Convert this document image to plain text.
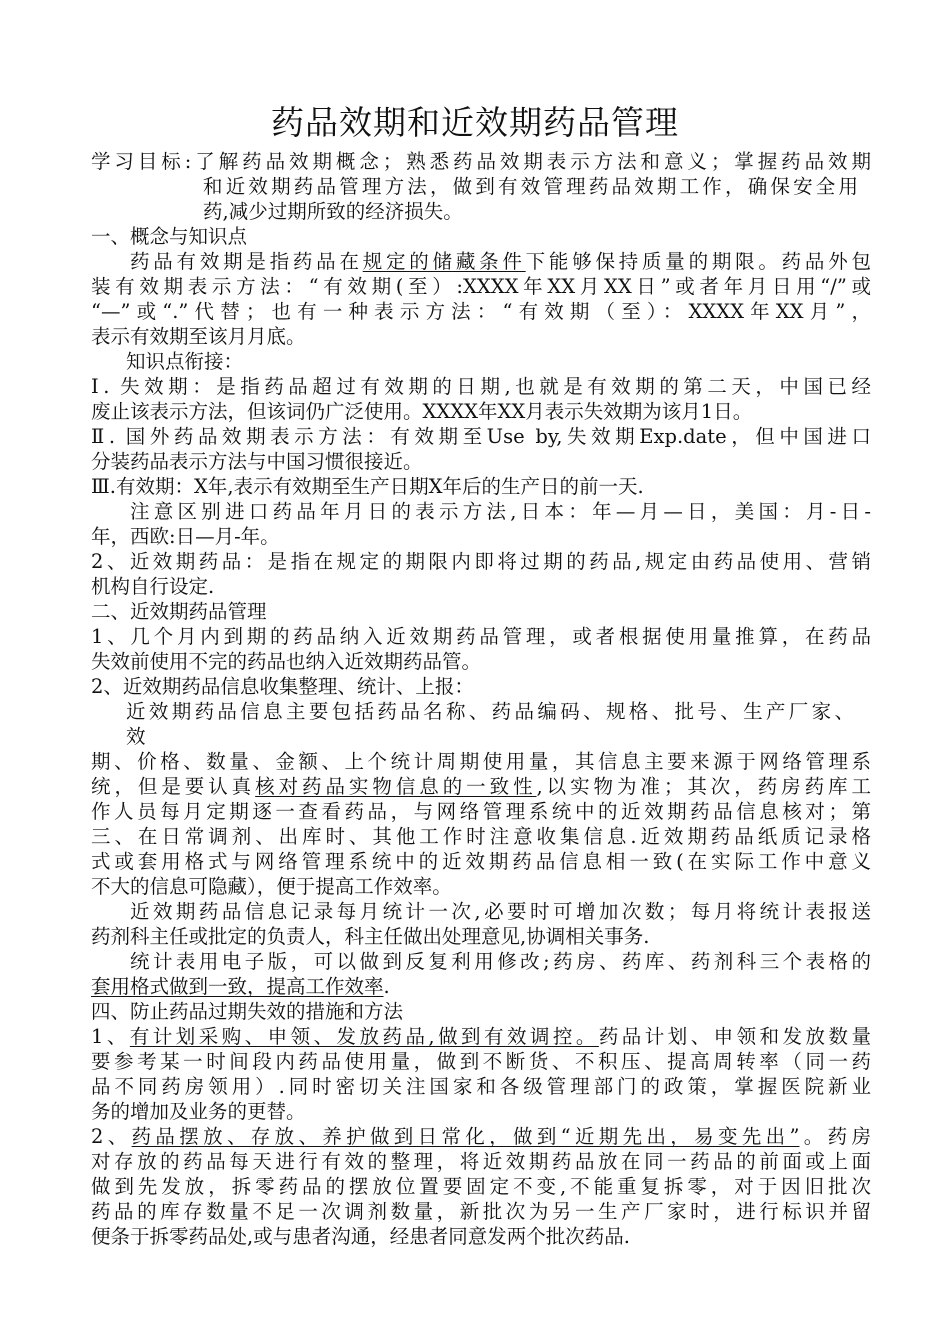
药品效期和近效期药品管理
学习目标:了解药品效期概念；熟悉药品效期表示方法和意义；掌握药品效期
和近效期药品管理方法，做到有效管理药品效期工作，确保安全用
药,减少过期所致的经济损失。
一、概念与知识点
药品有效期是指药品在规定的储藏条件下能够保持质量的期限。药品外包
装有效期表示方法：“有效期(至）:XXXX年XX月XX日”或者年月日用“/”或
“—”或“.”代替；也有一种表示方法：“有效期（至）：XXXX年XX月”，
表示有效期至该月月底。
知识点衔接：
Ⅰ. 失效期：是指药品超过有效期的日期,也就是有效期的第二天，中国已经
废止该表示方法，但该词仍广泛使用。XXXX年XX月表示失效期为该月1日。
Ⅱ. 国外药品效期表示方法：有效期至Use by,失效期Exp.date，但中国进口
分装药品表示方法与中国习惯很接近。
Ⅲ.有效期：X年,表示有效期至生产日期X年后的生产日的前一天.
注意区别进口药品年月日的表示方法,日本：年—月—日，美国：月-日-
年，西欧:日—月-年。
2、近效期药品：是指在规定的期限内即将过期的药品,规定由药品使用、营销
机构自行设定.
二、近效期药品管理
1、几个月内到期的药品纳入近效期药品管理，或者根据使用量推算，在药品
失效前使用不完的药品也纳入近效期药品管。
2、近效期药品信息收集整理、统计、上报：
近效期药品信息主要包括药品名称、药品编码、规格、批号、生产厂家、
效
期、价格、数量、金额、上个统计周期使用量，其信息主要来源于网络管理系
统，但是要认真核对药品实物信息的一致性,以实物为准；其次，药房药库工
作人员每月定期逐一查看药品，与网络管理系统中的近效期药品信息核对；第
三、在日常调剂、出库时、其他工作时注意收集信息.近效期药品纸质记录格
式或套用格式与网络管理系统中的近效期药品信息相一致(在实际工作中意义
不大的信息可隐藏），便于提高工作效率。
近效期药品信息记录每月统计一次,必要时可增加次数；每月将统计表报送
药剂科主任或批定的负责人，科主任做出处理意见,协调相关事务.
统计表用电子版，可以做到反复利用修改;药房、药库、药剂科三个表格的
套用格式做到一致，提高工作效率.
四、防止药品过期失效的措施和方法
1、有计划采购、申领、发放药品,做到有效调控。药品计划、申领和发放数量
要参考某一时间段内药品使用量，做到不断货、不积压、提高周转率（同一药
品不同药房领用）.同时密切关注国家和各级管理部门的政策，掌握医院新业
务的增加及业务的更替。
2、药品摆放、存放、养护做到日常化，做到“近期先出，易变先出”。药房
对存放的药品每天进行有效的整理，将近效期药品放在同一药品的前面或上面
做到先发放，拆零药品的摆放位置要固定不变,不能重复拆零，对于因旧批次
药品的库存数量不足一次调剂数量，新批次为另一生产厂家时，进行标识并留
便条于拆零药品处,或与患者沟通，经患者同意发两个批次药品.
